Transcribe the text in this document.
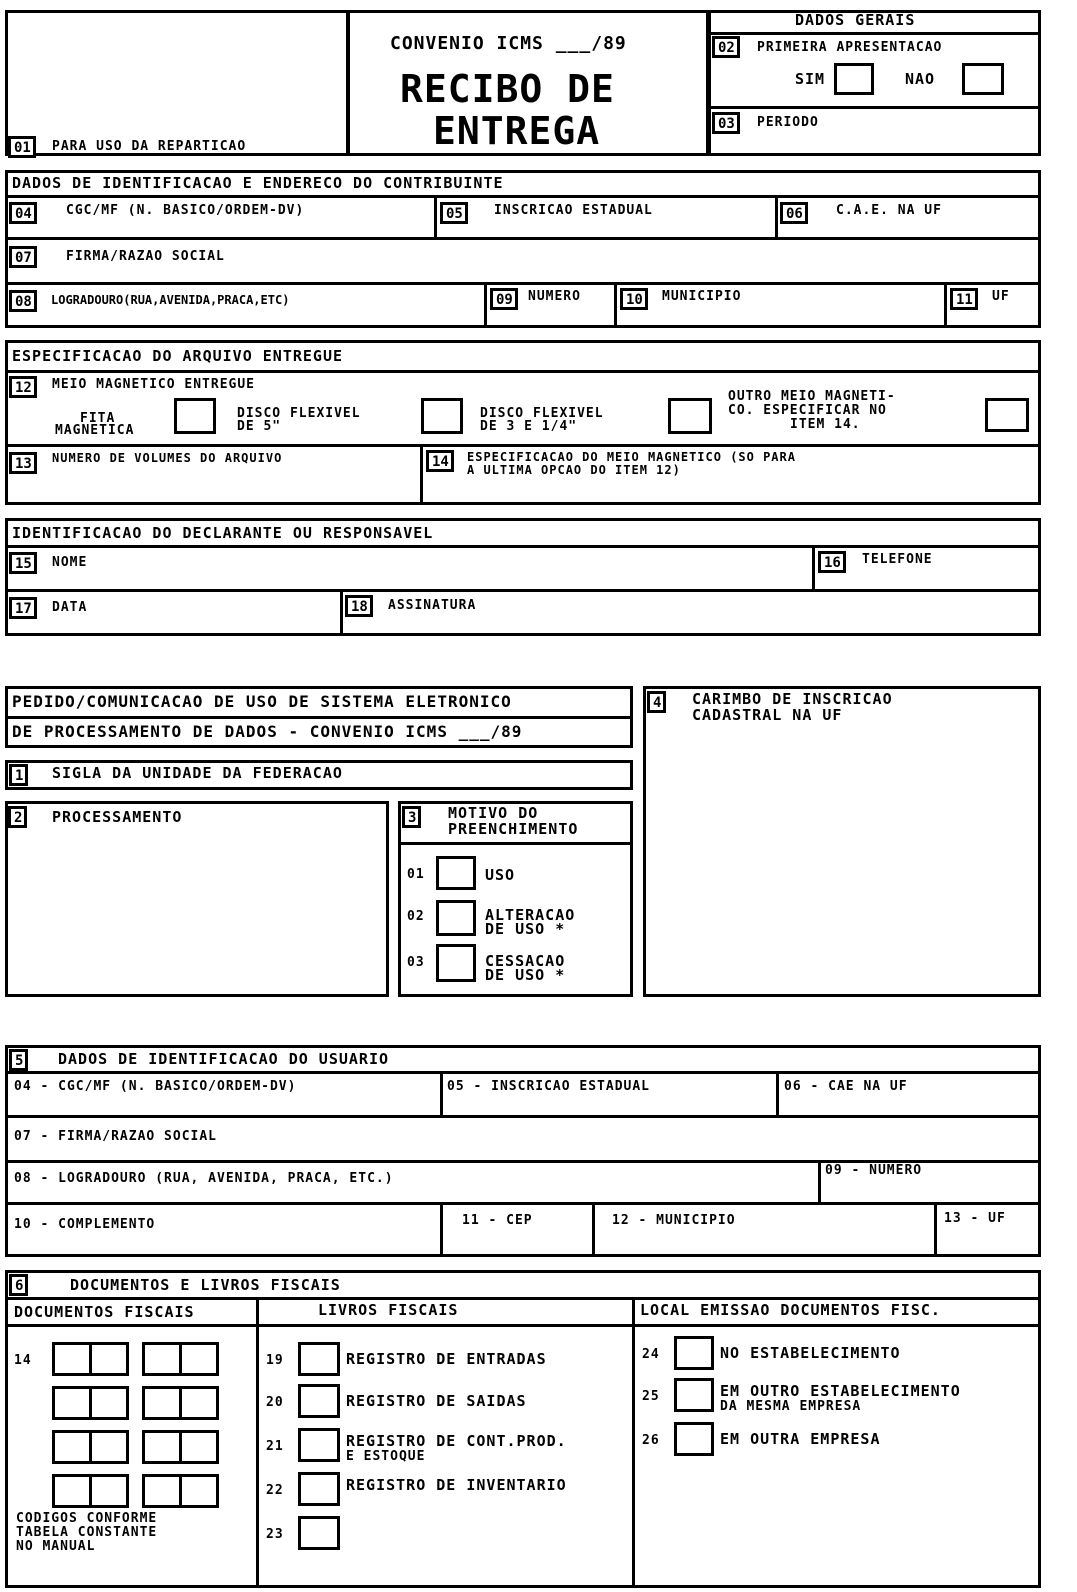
01	PARA USO DA REPARTICAO
CONVENIO ICMS ___/89
RECIBO DE
ENTREGA
DADOS GERAIS
02	PRIMEIRA APRESENTACAO
SIM	NAO
03	PERIODO
DADOS DE IDENTIFICACAO E ENDERECO DO CONTRIBUINTE
04	CGC/MF (N. BASICO/ORDEM-DV)	05	INSCRICAO ESTADUAL	06	C.A.E. NA UF
07	FIRMA/RAZAO SOCIAL
08	LOGRADOURO(RUA,AVENIDA,PRACA,ETC)	09	NUMERO	10	MUNICIPIO	11	UF
ESPECIFICACAO DO ARQUIVO ENTREGUE
12	MEIO MAGNETICO ENTREGUE
FITA
MAGNETICA
DISCO FLEXIVEL
DE 5"
DISCO FLEXIVEL
DE 3 E 1/4"
OUTRO MEIO MAGNETI-
CO. ESPECIFICAR NO
ITEM 14.
13	NUMERO DE VOLUMES DO ARQUIVO	14	ESPECIFICACAO DO MEIO MAGNETICO (SO PARA
A ULTIMA OPCAO DO ITEM 12)
IDENTIFICACAO DO DECLARANTE OU RESPONSAVEL
15	NOME	16	TELEFONE
17	DATA	18	ASSINATURA
PEDIDO/COMUNICACAO DE USO DE SISTEMA ELETRONICO
DE PROCESSAMENTO DE DADOS - CONVENIO ICMS ___/89
1	SIGLA DA UNIDADE DA FEDERACAO
2	PROCESSAMENTO	3	MOTIVO DO
PREENCHIMENTO
01	USO
02	ALTERACAO
DE USO *
03	CESSACAO
DE USO *
4	CARIMBO DE INSCRICAO
CADASTRAL NA UF
5	DADOS DE IDENTIFICACAO DO USUARIO
04 - CGC/MF (N. BASICO/ORDEM-DV)	05 - INSCRICAO ESTADUAL	06 - CAE NA UF
07 - FIRMA/RAZAO SOCIAL
08 - LOGRADOURO (RUA, AVENIDA, PRACA, ETC.)
09 - NUMERO
10 - COMPLEMENTO	11 - CEP	12 - MUNICIPIO	13 - UF
6	DOCUMENTOS E LIVROS FISCAIS
DOCUMENTOS FISCAIS	LIVROS FISCAIS	LOCAL EMISSAO DOCUMENTOS FISC.
14
CODIGOS CONFORME
TABELA CONSTANTE
NO MANUAL
19	REGISTRO DE ENTRADAS
20	REGISTRO DE SAIDAS
21	REGISTRO DE CONT.PROD.
E ESTOQUE
22	REGISTRO DE INVENTARIO
23
24	NO ESTABELECIMENTO
25	EM OUTRO ESTABELECIMENTO
DA MESMA EMPRESA
26	EM OUTRA EMPRESA
